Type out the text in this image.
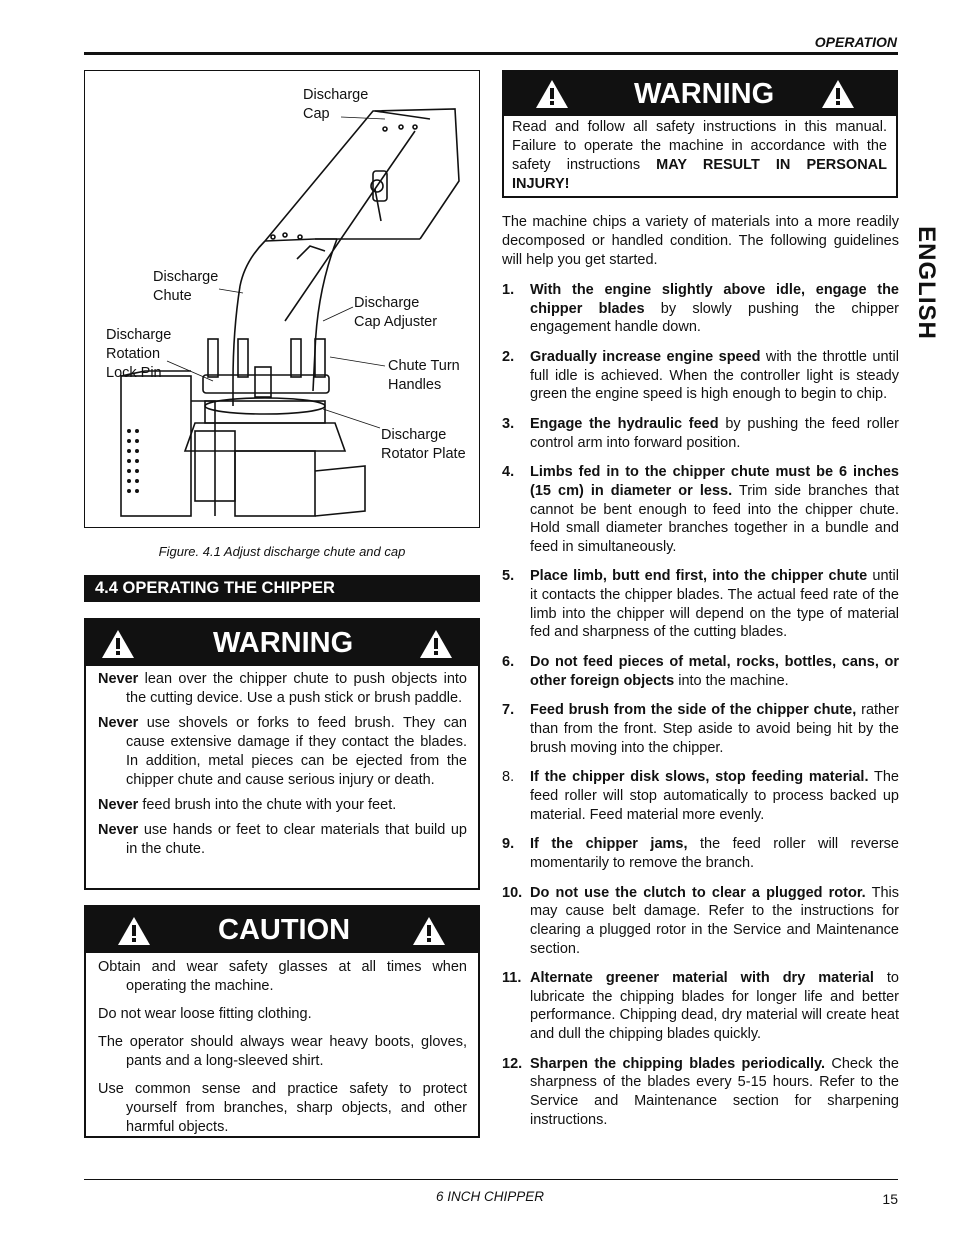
OPERATION
Discharge
Cap
Discharge
Chute	Discharge
Cap Adjuster
Discharge
Rotation
Lock Pin	Chute Turn
Handles
Discharge
Rotator Plate
Figure. 4.1 Adjust discharge chute and cap
4.4 OPERATING THE CHIPPER
WARNING

Never lean over the chipper chute to push objects into the cutting device. Use a push stick or brush paddle.

Never use shovels or forks to feed brush. They can cause extensive damage if they contact the blades. In addition, metal pieces can be ejected from the chipper chute and cause serious injury or death.

Never feed brush into the chute with your feet.

Never use hands or feet to clear materials that build up in the chute.

CAUTION

Obtain and wear safety glasses at all times when operating the machine.

Do not wear loose fitting clothing.

The operator should always wear heavy boots, gloves, pants and a long-sleeved shirt.

Use common sense and practice safety to protect yourself from branches, sharp objects, and other harmful objects.

WARNING
Read and follow all safety instructions in this manual. Failure to operate the machine in accordance with the safety instructions MAY RESULT IN PERSONAL INJURY!
The machine chips a variety of materials into a more readily decomposed or handled condition. The following guidelines will help you get started.
1. With the engine slightly above idle, engage the chipper blades by slowly pushing the chipper engagement handle down.
2. Gradually increase engine speed with the throttle until full idle is achieved. When the controller light is steady green the engine speed is high enough to begin to chip.
3. Engage the hydraulic feed by pushing the feed roller control arm into forward position.
4. Limbs fed in to the chipper chute must be 6 inches (15 cm) in diameter or less. Trim side branches that cannot be bent enough to feed into the chipper chute. Hold small diameter branches together in a bundle and feed in simultaneously.
5. Place limb, butt end first, into the chipper chute until it contacts the chipper blades. The actual feed rate of the limb into the chipper will depend on the type of material fed and sharpness of the cutting blades.
6. Do not feed pieces of metal, rocks, bottles, cans, or other foreign objects into the machine.
7. Feed brush from the side of the chipper chute, rather than from the front. Step aside to avoid being hit by the brush moving into the chipper.
8. If the chipper disk slows, stop feeding material. The feed roller will stop automatically to process backed up material. Feed material more evenly.
9. If the chipper jams, the feed roller will reverse momentarily to remove the branch.
10. Do not use the clutch to clear a plugged rotor. This may cause belt damage. Refer to the instructions for clearing a plugged rotor in the Service and Maintenance section.
11. Alternate greener material with dry material to lubricate the chipping blades for longer life and better performance. Chipping dead, dry material will create heat and dull the chipping blades quickly.
12. Sharpen the chipping blades periodically. Check the sharpness of the blades every 5-15 hours. Refer to the Service and Maintenance section for sharpening instructions.
ENGLISH
6 INCH CHIPPER	15
